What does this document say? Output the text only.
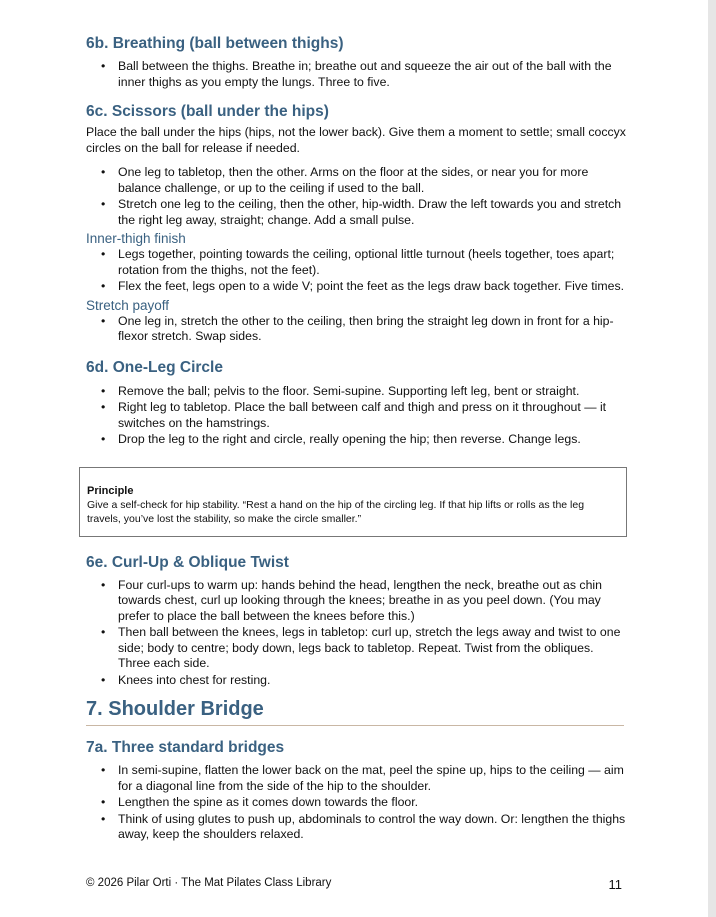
6b. Breathing (ball between thighs)
• Ball between the thighs. Breathe in; breathe out and squeeze the air out of the ball with the inner thighs as you empty the lungs. Three to five.
6c. Scissors (ball under the hips)

Place the ball under the hips (hips, not the lower back). Give them a moment to settle; small coccyx circles on the ball for release if needed.

• One leg to tabletop, then the other. Arms on the floor at the sides, or near you for more balance challenge, or up to the ceiling if used to the ball.
• Stretch one leg to the ceiling, then the other, hip-width. Draw the left towards you and stretch the right leg away, straight; change. Add a small pulse.
Inner-thigh finish
• Legs together, pointing towards the ceiling, optional little turnout (heels together, toes apart; rotation from the thighs, not the feet).
• Flex the feet, legs open to a wide V; point the feet as the legs draw back together. Five times.
Stretch payoff
• One leg in, stretch the other to the ceiling, then bring the straight leg down in front for a hip-flexor stretch. Swap sides.
6d. One-Leg Circle
• Remove the ball; pelvis to the floor. Semi-supine. Supporting left leg, bent or straight.
• Right leg to tabletop. Place the ball between calf and thigh and press on it throughout — it switches on the hamstrings.
• Drop the leg to the right and circle, really opening the hip; then reverse. Change legs.
Principle
Give a self-check for hip stability. “Rest a hand on the hip of the circling leg. If that hip lifts or rolls as the leg travels, you’ve lost the stability, so make the circle smaller.”
6e. Curl-Up & Oblique Twist
• Four curl-ups to warm up: hands behind the head, lengthen the neck, breathe out as chin towards chest, curl up looking through the knees; breathe in as you peel down. (You may prefer to place the ball between the knees before this.)
• Then ball between the knees, legs in tabletop: curl up, stretch the legs away and twist to one side; body to centre; body down, legs back to tabletop. Repeat. Twist from the obliques. Three each side.
• Knees into chest for resting.
7. Shoulder Bridge
7a. Three standard bridges
• In semi-supine, flatten the lower back on the mat, peel the spine up, hips to the ceiling — aim for a diagonal line from the side of the hip to the shoulder.
• Lengthen the spine as it comes down towards the floor.
• Think of using glutes to push up, abdominals to control the way down. Or: lengthen the thighs away, keep the shoulders relaxed.
© 2026 Pilar Orti · The Mat Pilates Class Library	11
